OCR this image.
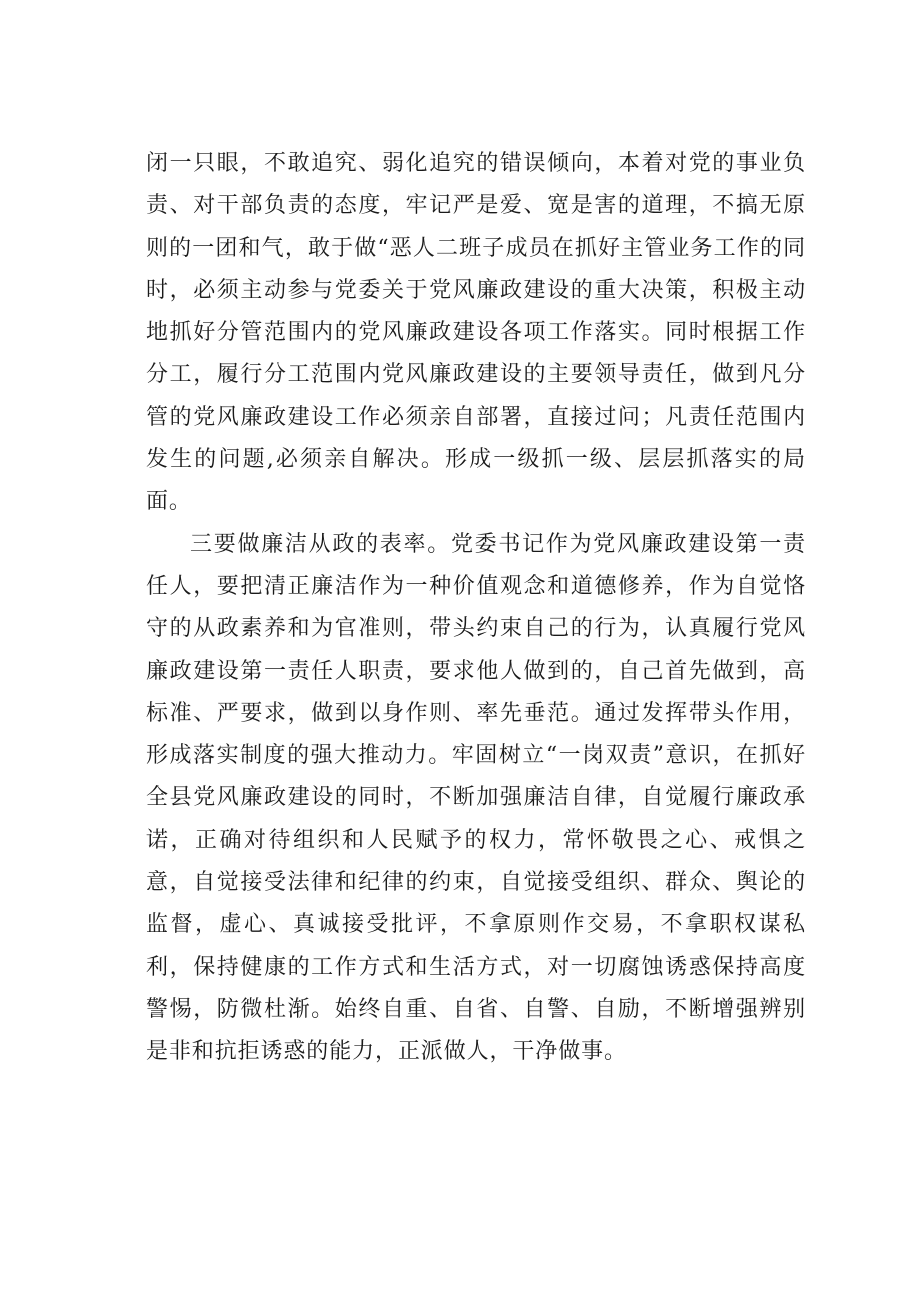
闭一只眼，不敢追究、弱化追究的错误倾向，本着对党的事业负责、对干部负责的态度，牢记严是爱、宽是害的道理，不搞无原则的一团和气，敢于做“恶人二班子成员在抓好主管业务工作的同时，必须主动参与党委关于党风廉政建设的重大决策，积极主动地抓好分管范围内的党风廉政建设各项工作落实。同时根据工作分工，履行分工范围内党风廉政建设的主要领导责任，做到凡分管的党风廉政建设工作必须亲自部署，直接过问；凡责任范围内发生的问题,必须亲自解决。形成一级抓一级、层层抓落实的局面。

三要做廉洁从政的表率。党委书记作为党风廉政建设第一责任人，要把清正廉洁作为一种价值观念和道德修养，作为自觉恪守的从政素养和为官准则，带头约束自己的行为，认真履行党风廉政建设第一责任人职责，要求他人做到的，自己首先做到，高标准、严要求，做到以身作则、率先垂范。通过发挥带头作用，形成落实制度的强大推动力。牢固树立“一岗双责”意识，在抓好全县党风廉政建设的同时，不断加强廉洁自律，自觉履行廉政承诺，正确对待组织和人民赋予的权力，常怀敬畏之心、戒惧之意，自觉接受法律和纪律的约束，自觉接受组织、群众、舆论的监督，虚心、真诚接受批评，不拿原则作交易，不拿职权谋私利，保持健康的工作方式和生活方式，对一切腐蚀诱惑保持高度警惕，防微杜渐。始终自重、自省、自警、自励，不断增强辨别是非和抗拒诱惑的能力，正派做人，干净做事。
